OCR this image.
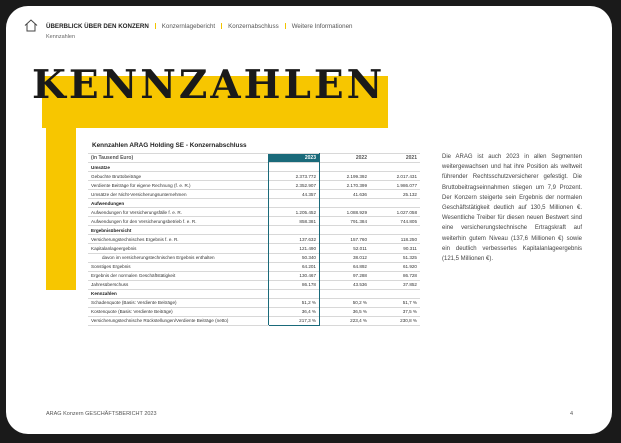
ÜBERBLICK ÜBER DEN KONZERN Konzernlagebericht Konzernabschluss Weitere Informationen
Kennzahlen
KENNZAHLEN
Kennzahlen ARAG Holding SE - Konzernabschluss
(in Tausend Euro)	2023	2022	2021
Umsätze			
Gebuchte Bruttobeiträge	2.373.772	2.199.392	2.017.431
Verdiente Beiträge für eigene Rechnung (f. e. R.)	2.352.907	2.170.399	1.986.077
Umsätze der Nicht-Versicherungsunternehmen	44.357	41.636	25.132
Aufwendungen			
Aufwendungen für Versicherungsfälle f. e. R.	1.205.452	1.088.929	1.027.058
Aufwendungen für den Versicherungsbetrieb f. e. R.	858.381	791.384	744.805
Ergebnisübersicht			
Versicherungstechnisches Ergebnis f. e. R.	137.632	157.760	118.250
Kapitalanlageergebnis	121.490	52.011	90.311
davon im versicherungstechnischen Ergebnis enthalten	50.340	38.012	51.325
Sonstiges Ergebnis	64.201	64.892	61.920
Ergebnis der normalen Geschäftstätigkeit	130.467	97.288	86.728
Jahresüberschuss	86.178	43.536	37.852
Kennzahlen			
Schadenquote (Basis: Verdiente Beiträge)	51,2 %	50,2 %	51,7 %
Kostenquote (Basis: Verdiente Beiträge)	36,4 %	36,5 %	37,5 %
Versicherungstechnische Rückstellungen/Verdiente Beiträge (netto)	217,3 %	223,4 %	230,8 %
Die ARAG ist auch 2023 in allen Segmenten weitergewachsen und hat ihre Position als weltweit führender Rechtsschutzversicherer gefestigt. Die Bruttobeitragseinnahmen stiegen um 7,9 Prozent. Der Konzern steigerte sein Ergebnis der normalen Geschäftstätigkeit deutlich auf 130,5 Millionen €. Wesentliche Treiber für diesen neuen Bestwert sind eine versicherungstechnische Ertragskraft auf weiterhin gutem Niveau (137,6 Millionen €) sowie ein deutlich verbessertes Kapitalanlageergebnis (121,5 Millionen €).
ARAG Konzern GESCHÄFTSBERICHT 2023	4
